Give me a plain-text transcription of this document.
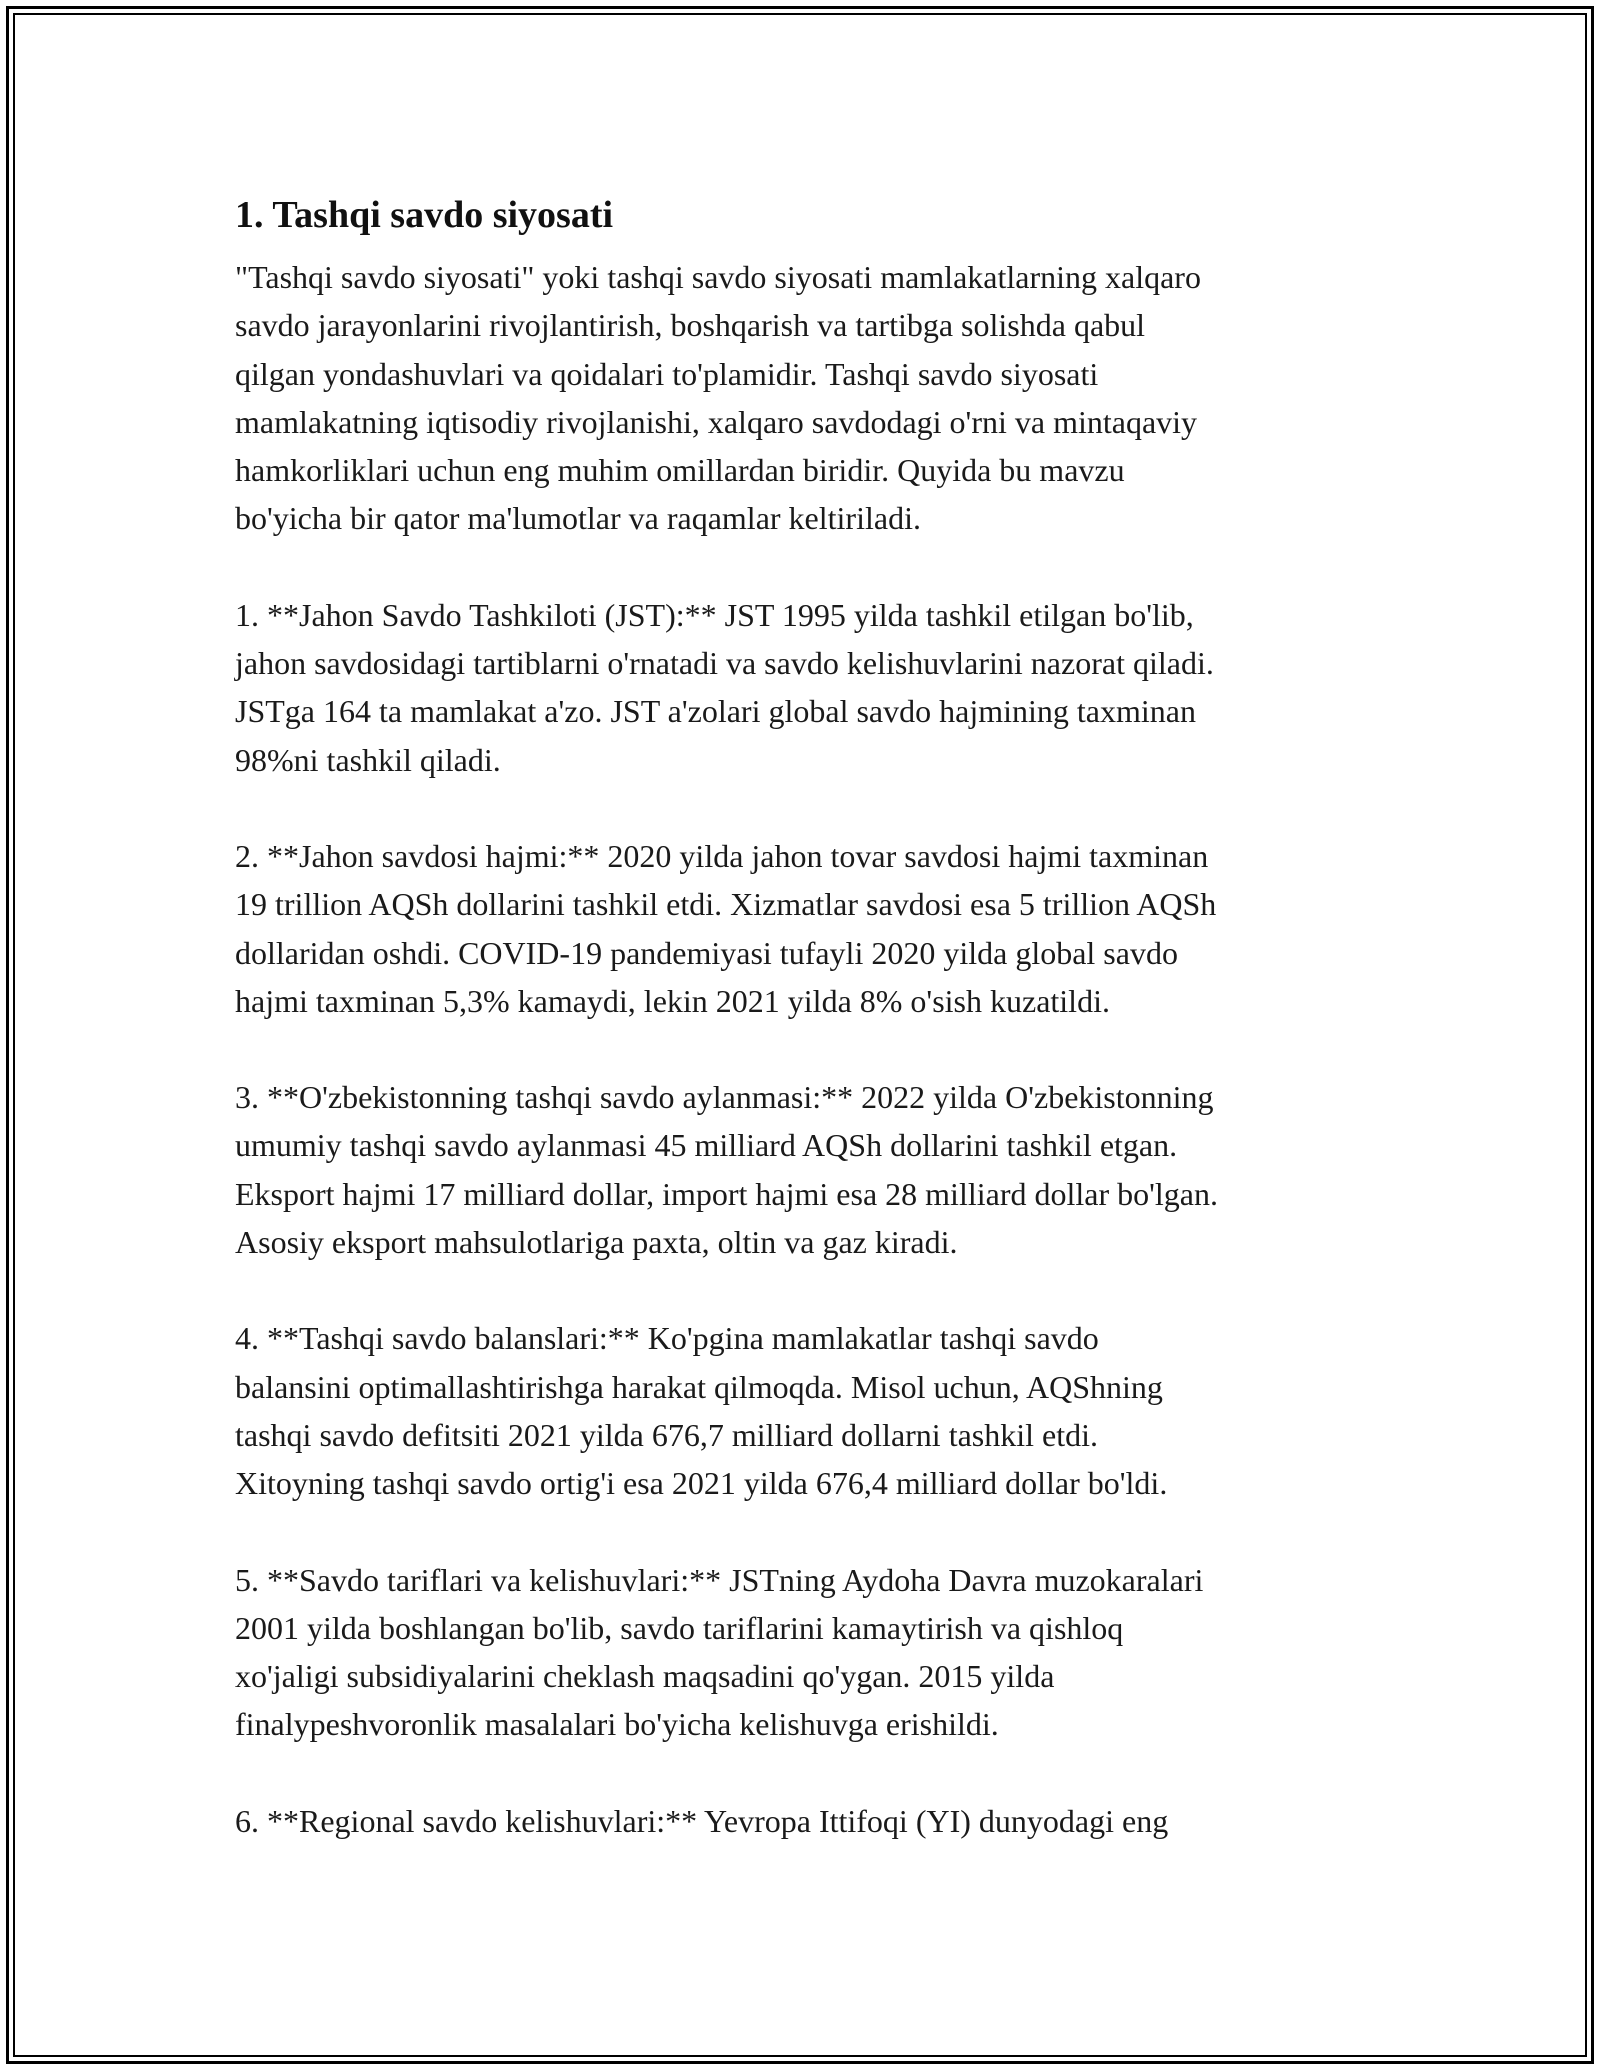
1. Tashqi savdo siyosati

"Tashqi savdo siyosati" yoki tashqi savdo siyosati mamlakatlarning xalqaro
savdo jarayonlarini rivojlantirish, boshqarish va tartibga solishda qabul
qilgan yondashuvlari va qoidalari to'plamidir. Tashqi savdo siyosati
mamlakatning iqtisodiy rivojlanishi, xalqaro savdodagi o'rni va mintaqaviy
hamkorliklari uchun eng muhim omillardan biridir. Quyida bu mavzu
bo'yicha bir qator ma'lumotlar va raqamlar keltiriladi.

1. **Jahon Savdo Tashkiloti (JST):** JST 1995 yilda tashkil etilgan bo'lib,
jahon savdosidagi tartiblarni o'rnatadi va savdo kelishuvlarini nazorat qiladi.
JSTga 164 ta mamlakat a'zo. JST a'zolari global savdo hajmining taxminan
98%ni tashkil qiladi.

2. **Jahon savdosi hajmi:** 2020 yilda jahon tovar savdosi hajmi taxminan
19 trillion AQSh dollarini tashkil etdi. Xizmatlar savdosi esa 5 trillion AQSh
dollaridan oshdi. COVID-19 pandemiyasi tufayli 2020 yilda global savdo
hajmi taxminan 5,3% kamaydi, lekin 2021 yilda 8% o'sish kuzatildi.

3. **O'zbekistonning tashqi savdo aylanmasi:** 2022 yilda O'zbekistonning
umumiy tashqi savdo aylanmasi 45 milliard AQSh dollarini tashkil etgan.
Eksport hajmi 17 milliard dollar, import hajmi esa 28 milliard dollar bo'lgan.
Asosiy eksport mahsulotlariga paxta, oltin va gaz kiradi.

4. **Tashqi savdo balanslari:** Ko'pgina mamlakatlar tashqi savdo
balansini optimallashtirishga harakat qilmoqda. Misol uchun, AQShning
tashqi savdo defitsiti 2021 yilda 676,7 milliard dollarni tashkil etdi.
Xitoyning tashqi savdo ortig'i esa 2021 yilda 676,4 milliard dollar bo'ldi.

5. **Savdo tariflari va kelishuvlari:** JSTning Aydoha Davra muzokaralari
2001 yilda boshlangan bo'lib, savdo tariflarini kamaytirish va qishloq
xo'jaligi subsidiyalarini cheklash maqsadini qo'ygan. 2015 yilda
finalypeshvoronlik masalalari bo'yicha kelishuvga erishildi.

6. **Regional savdo kelishuvlari:** Yevropa Ittifoqi (YI) dunyodagi eng
